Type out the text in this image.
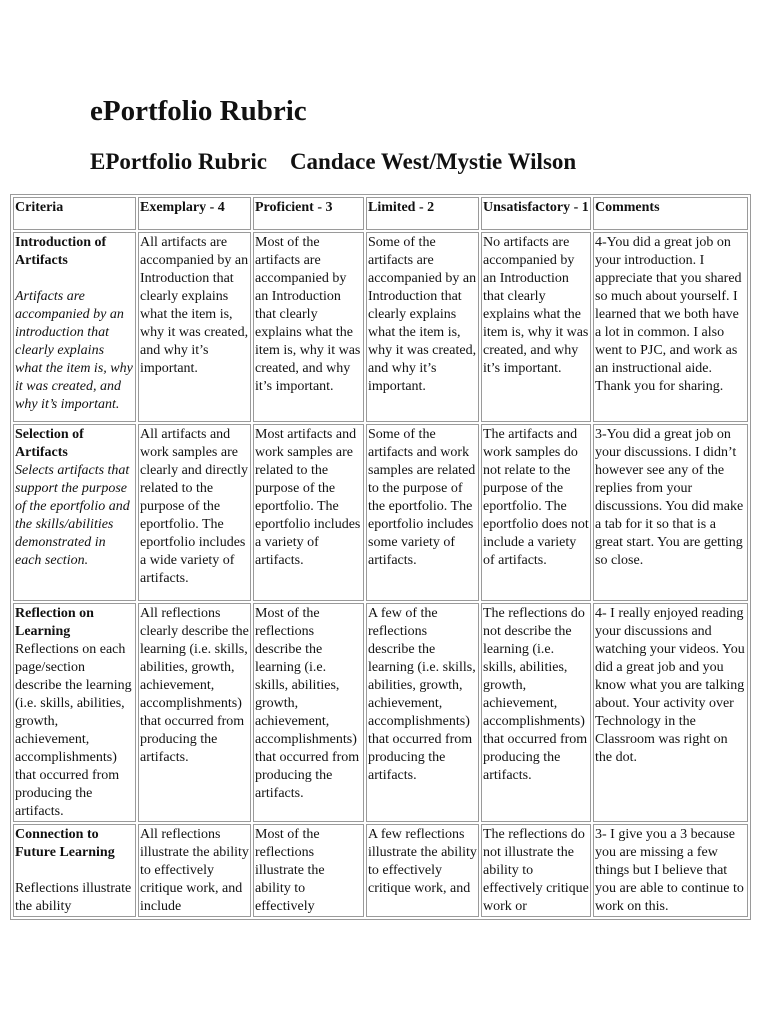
ePortfolio Rubric
EPortfolio Rubric    Candace West/Mystie Wilson
Criteria	Exemplary - 4	Proficient - 3	Limited - 2	Unsatisfactory - 1	Comments

Introduction of Artifacts
Artifacts are accompanied by an introduction that clearly explains what the item is, why it was created, and why it’s important.	All artifacts are accompanied by an Introduction that clearly explains what the item is, why it was created, and why it’s important.	Most of the artifacts are accompanied by an Introduction that clearly explains what the item is, why it was created, and why it’s important.	Some of the artifacts are accompanied by an Introduction that clearly explains what the item is, why it was created, and why it’s important.	No artifacts are accompanied by an Introduction that clearly explains what the item is, why it was created, and why it’s important.	4-You did a great job on your introduction. I appreciate that you shared so much about yourself. I learned that we both have a lot in common. I also went to PJC, and work as an instructional aide. Thank you for sharing.

Selection of Artifacts
Selects artifacts that support the purpose of the eportfolio and the skills/abilities demonstrated in each section.	All artifacts and work samples are clearly and directly related to the purpose of the eportfolio. The eportfolio includes a wide variety of artifacts.	Most artifacts and work samples are related to the purpose of the eportfolio. The eportfolio includes a variety of artifacts.	Some of the artifacts and work samples are related to the purpose of the eportfolio. The eportfolio includes some variety of artifacts.	The artifacts and work samples do not relate to the purpose of the eportfolio. The eportfolio does not include a variety of artifacts.	3-You did a great job on your discussions. I didn’t however see any of the replies from your discussions. You did make a tab for it so that is a great start. You are getting so close.

Reflection on Learning
Reflections on each page/section describe the learning (i.e. skills, abilities, growth, achievement, accomplishments) that occurred from producing the artifacts.	All reflections clearly describe the learning (i.e. skills, abilities, growth, achievement, accomplishments) that occurred from producing the artifacts.	Most of the reflections describe the learning (i.e. skills, abilities, growth, achievement, accomplishments) that occurred from producing the artifacts.	A few of the reflections describe the learning (i.e. skills, abilities, growth, achievement, accomplishments) that occurred from producing the artifacts.	The reflections do not describe the learning (i.e. skills, abilities, growth, achievement, accomplishments) that occurred from producing the artifacts.	4- I really enjoyed reading your discussions and watching your videos. You did a great job and you know what you are talking about. Your activity over Technology in the Classroom was right on the dot.

Connection to Future Learning
Reflections illustrate the ability	All reflections illustrate the ability to effectively critique work, and include	Most of the reflections illustrate the ability to effectively	A few reflections illustrate the ability to effectively critique work, and	The reflections do not illustrate the ability to effectively critique work or	3- I give you a 3 because you are missing a few things but I believe that you are able to continue to work on this.
